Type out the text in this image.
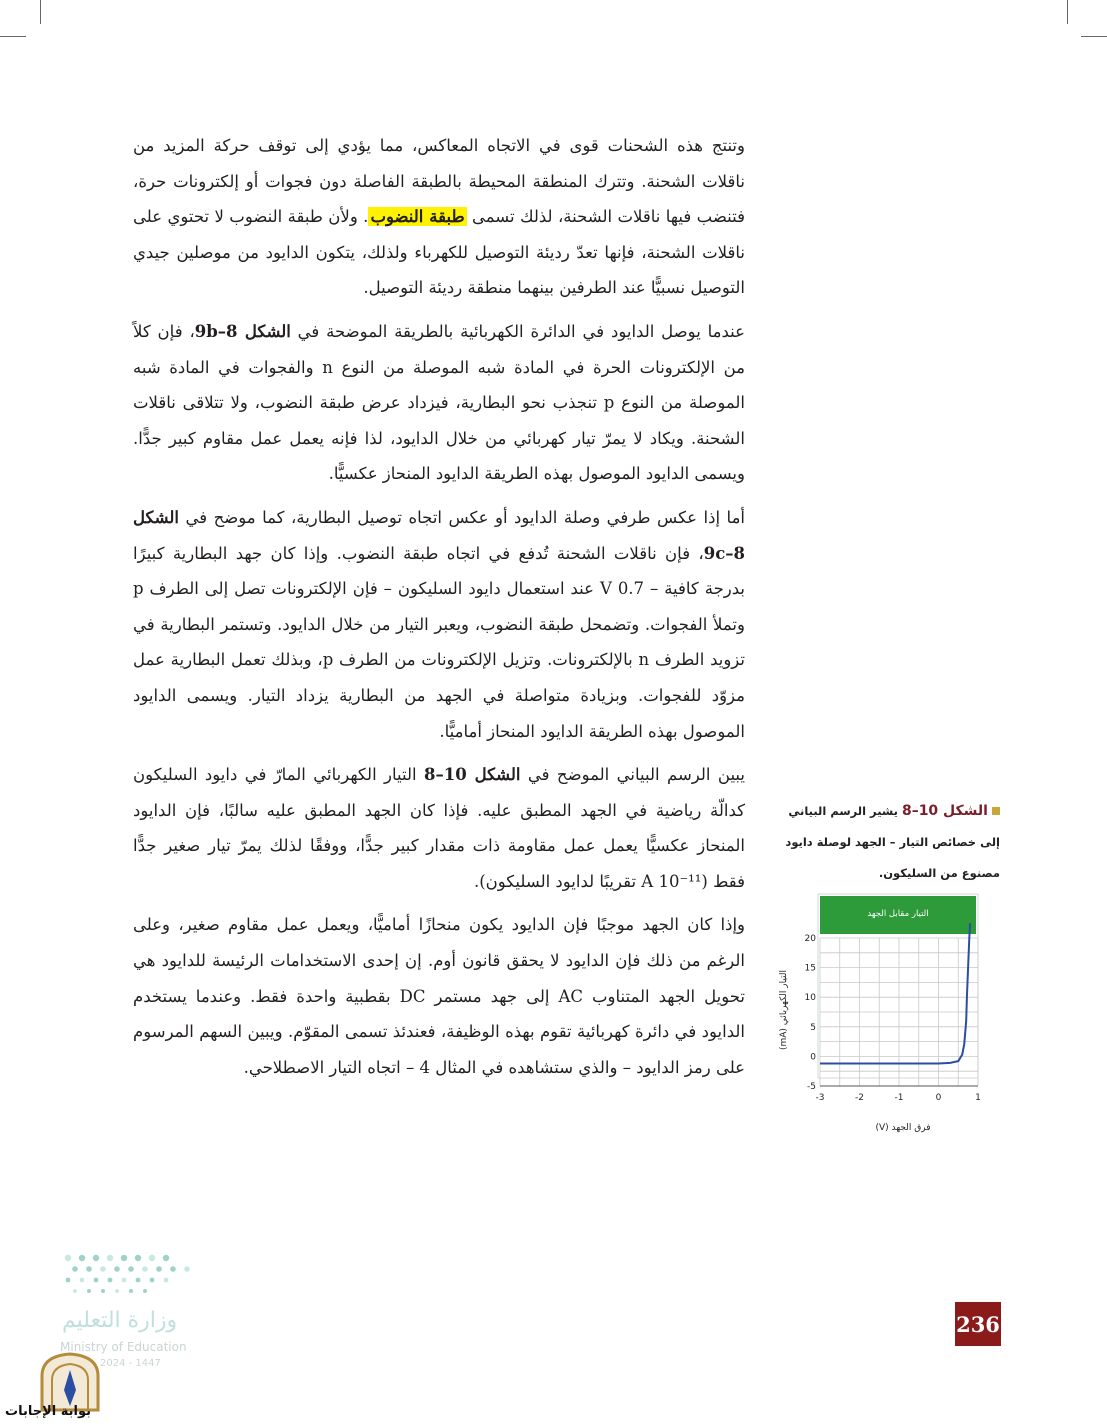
وتنتج هذه الشحنات قوى في الاتجاه المعاكس، مما يؤدي إلى توقف حركة المزيد من ناقلات الشحنة. وتترك المنطقة المحيطة بالطبقة الفاصلة دون فجوات أو إلكترونات حرة، فتنضب فيها ناقلات الشحنة، لذلك تسمى طبقة النضوب. ولأن طبقة النضوب لا تحتوي على ناقلات الشحنة، فإنها تعدّ رديئة التوصيل للكهرباء ولذلك، يتكون الدايود من موصلين جيدي التوصيل نسبيًّا عند الطرفين بينهما منطقة رديئة التوصيل.

عندما يوصل الدايود في الدائرة الكهربائية بالطريقة الموضحة في الشكل 9b–8، فإن كلاً من الإلكترونات الحرة في المادة شبه الموصلة من النوع n والفجوات في المادة شبه الموصلة من النوع p تنجذب نحو البطارية، فيزداد عرض طبقة النضوب، ولا تتلاقى ناقلات الشحنة. ويكاد لا يمرّ تيار كهربائي من خلال الدايود، لذا فإنه يعمل عمل مقاوم كبير جدًّا. ويسمى الدايود الموصول بهذه الطريقة الدايود المنحاز عكسيًّا.

أما إذا عكس طرفي وصلة الدايود أو عكس اتجاه توصيل البطارية، كما موضح في الشكل 9c–8، فإن ناقلات الشحنة تُدفع في اتجاه طبقة النضوب. وإذا كان جهد البطارية كبيرًا بدرجة كافية – 0.7 V عند استعمال دايود السليكون – فإن الإلكترونات تصل إلى الطرف p وتملأ الفجوات. وتضمحل طبقة النضوب، ويعبر التيار من خلال الدايود. وتستمر البطارية في تزويد الطرف n بالإلكترونات. وتزيل الإلكترونات من الطرف p، وبذلك تعمل البطارية عمل مزوّد للفجوات. وبزيادة متواصلة في الجهد من البطارية يزداد التيار. ويسمى الدايود الموصول بهذه الطريقة الدايود المنحاز أماميًّا.

يبين الرسم البياني الموضح في الشكل 10–8 التيار الكهربائي المارّ في دايود السليكون كدالّة رياضية في الجهد المطبق عليه. فإذا كان الجهد المطبق عليه سالبًا، فإن الدايود المنحاز عكسيًّا يعمل عمل مقاومة ذات مقدار كبير جدًّا، ووفقًا لذلك يمرّ تيار صغير جدًّا فقط (A 10⁻¹¹ تقريبًا لدايود السليكون).

وإذا كان الجهد موجبًا فإن الدايود يكون منحازًا أماميًّا، ويعمل عمل مقاوم صغير، وعلى الرغم من ذلك فإن الدايود لا يحقق قانون أوم. إن إحدى الاستخدامات الرئيسة للدايود هي تحويل الجهد المتناوب AC إلى جهد مستمر DC بقطبية واحدة فقط. وعندما يستخدم الدايود في دائرة كهربائية تقوم بهذه الوظيفة، فعندئذ تسمى المقوّم. ويبين السهم المرسوم على رمز الدايود – والذي ستشاهده في المثال 4 – اتجاه التيار الاصطلاحي.

الشكل 10–8 يشير الرسم البياني إلى خصائص التيار – الجهد لوصلة دايود مصنوع من السليكون.
التيار مقابل الجهد
-3	-2	-1	0	1
-5
0
5
10
15
20
التيار الكهربائي (mA)
فرق الجهد (V)
236
وزارة التعليم
Ministry of Education
2024 - 1447
بوابة الإجابات
